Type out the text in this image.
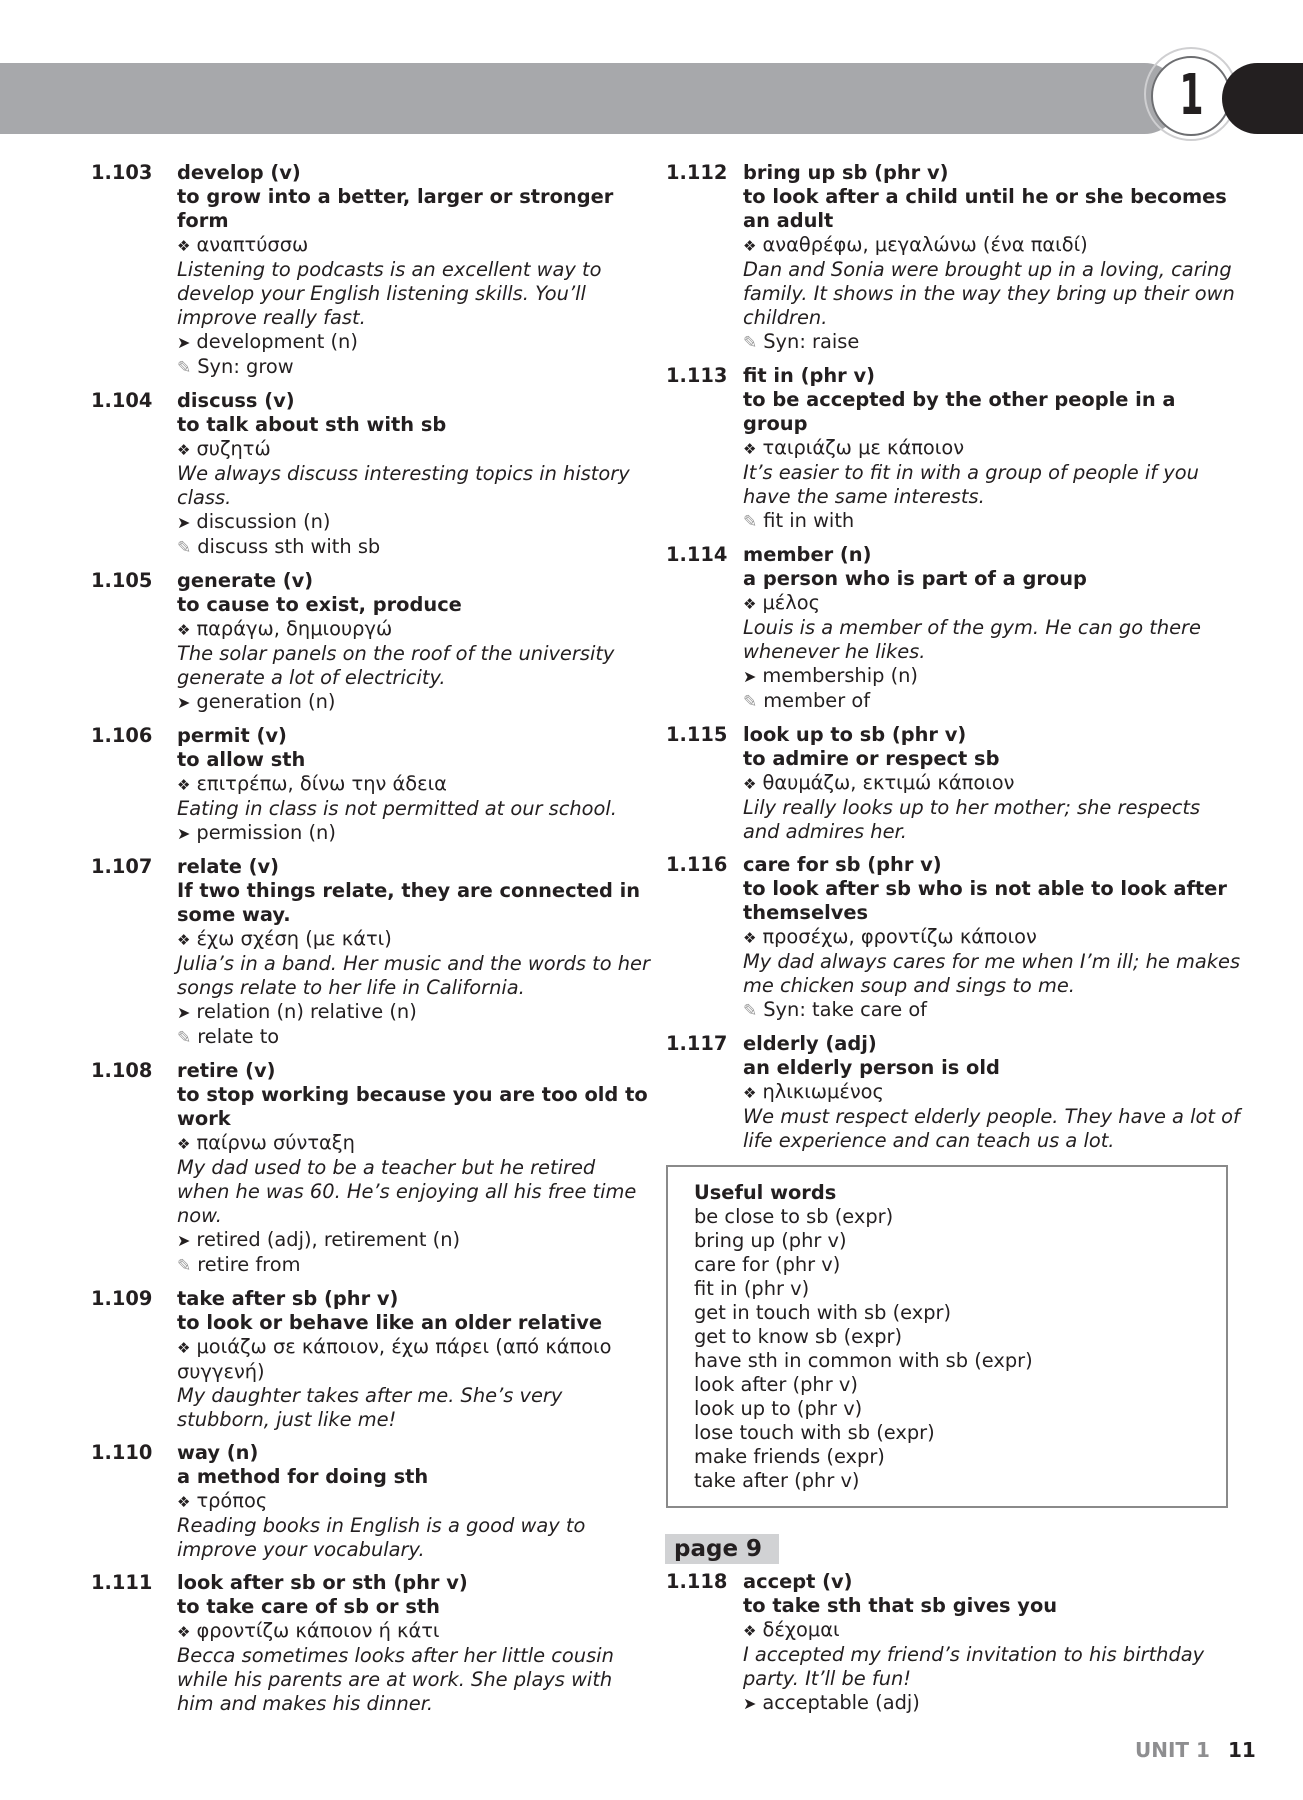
1
1.103	develop (v)
to grow into a better, larger or stronger form
❖ αναπτύσσω
Listening to podcasts is an excellent way to develop your English listening skills. You’ll improve really fast.
➤ development (n)
✎ Syn: grow
1.104	discuss (v)
to talk about sth with sb
❖ συζητώ
We always discuss interesting topics in history class.
➤ discussion (n)
✎ discuss sth with sb
1.105	generate (v)
to cause to exist, produce
❖ παράγω, δημιουργώ
The solar panels on the roof of the university generate a lot of electricity.
➤ generation (n)
1.106	permit (v)
to allow sth
❖ επιτρέπω, δίνω την άδεια
Eating in class is not permitted at our school.
➤ permission (n)
1.107	relate (v)
If two things relate, they are connected in some way.
❖ έχω σχέση (με κάτι)
Julia’s in a band. Her music and the words to her songs relate to her life in California.
➤ relation (n) relative (n)
✎ relate to
1.108	retire (v)
to stop working because you are too old to work
❖ παίρνω σύνταξη
My dad used to be a teacher but he retired when he was 60. He’s enjoying all his free time now.
➤ retired (adj), retirement (n)
✎ retire from
1.109	take after sb (phr v)
to look or behave like an older relative
❖ μοιάζω σε κάποιον, έχω πάρει (από κάποιο συγγενή)
My daughter takes after me. She’s very stubborn, just like me!
1.110	way (n)
a method for doing sth
❖ τρόπος
Reading books in English is a good way to improve your vocabulary.
1.111	look after sb or sth (phr v)
to take care of sb or sth
❖ φροντίζω κάποιον ή κάτι
Becca sometimes looks after her little cousin while his parents are at work. She plays with him and makes his dinner.
1.112 bring up sb (phr v)
to look after a child until he or she becomes an adult
❖ αναθρέφω, μεγαλώνω (ένα παιδί)
Dan and Sonia were brought up in a loving, caring family. It shows in the way they bring up their own children.
✎ Syn: raise
1.113 fit in (phr v)
to be accepted by the other people in a group
❖ ταιριάζω με κάποιον
It’s easier to fit in with a group of people if you have the same interests.
✎ fit in with
1.114 member (n)
a person who is part of a group
❖ μέλος
Louis is a member of the gym. He can go there whenever he likes.
➤ membership (n)
✎ member of
1.115 look up to sb (phr v)
to admire or respect sb
❖ θαυμάζω, εκτιμώ κάποιον
Lily really looks up to her mother; she respects and admires her.
1.116 care for sb (phr v)
to look after sb who is not able to look after themselves
❖ προσέχω, φροντίζω κάποιον
My dad always cares for me when I’m ill; he makes me chicken soup and sings to me.
✎ Syn: take care of
1.117 elderly (adj)
an elderly person is old
❖ ηλικιωμένος
We must respect elderly people. They have a lot of life experience and can teach us a lot.
Useful words
be close to sb (expr)
bring up (phr v)
care for (phr v)
fit in (phr v)
get in touch with sb (expr)
get to know sb (expr)
have sth in common with sb (expr)
look after (phr v)
look up to (phr v)
lose touch with sb (expr)
make friends (expr)
take after (phr v)
page 9
1.118 accept (v)
to take sth that sb gives you
❖ δέχομαι
I accepted my friend’s invitation to his birthday party. It’ll be fun!
➤ acceptable (adj)
UNIT 1 11
